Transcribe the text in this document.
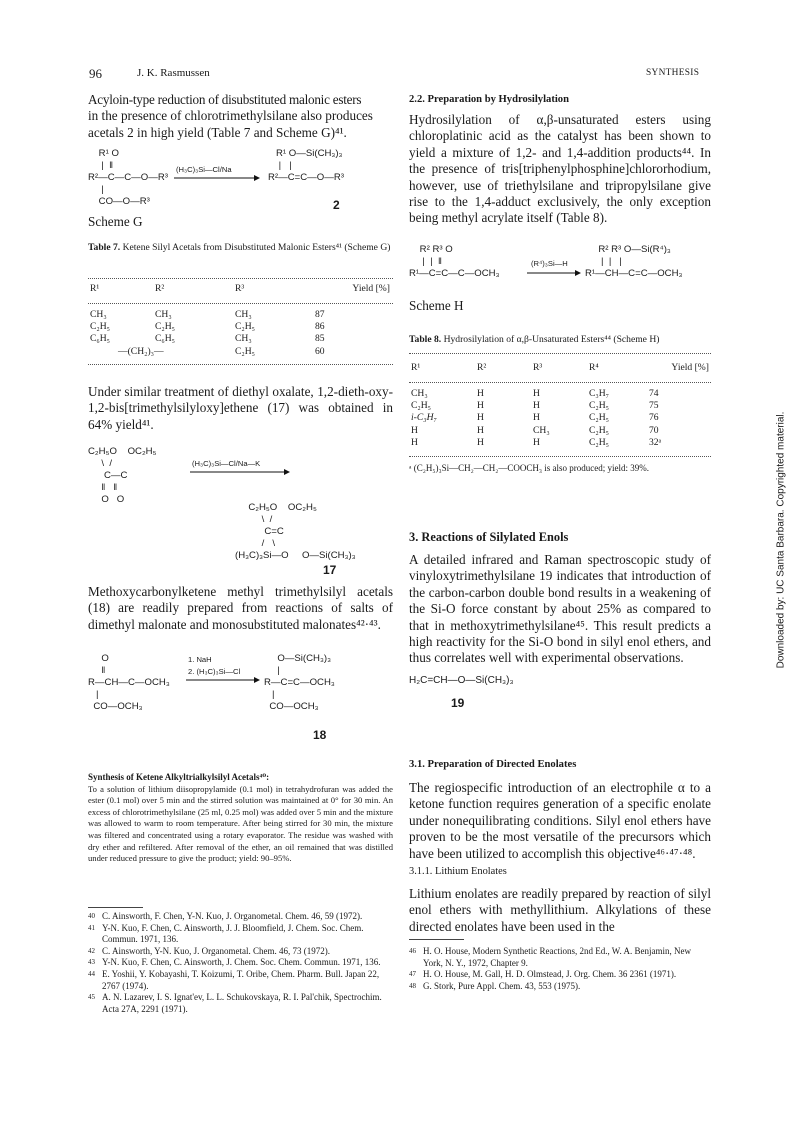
96	J. K. Rasmussen	SYNTHESIS

Acyloin-type reduction of disubstituted malonic esters

in the presence of chlorotrimethylsilane also produces

acetals 2 in high yield (Table 7 and Scheme G)⁴¹.

R¹ O
|  ‖
R²—C—C—O—R³
|
CO—O—R³
(H₃C)₃Si—Cl/Na
R¹ O—Si(CH₃)₃
|   |
R²—C=C—O—R³
2
Scheme G

Table 7. Ketene Silyl Acetals from Disubstituted Malonic Esters⁴¹ (Scheme G)

R¹	R²	R³	Yield [%]
CH₃	CH₃	CH₃	87	
C₂H₅	C₂H₅	C₂H₅	86	
C₆H₅	C₆H₅	CH₃	85	
—(CH₂)₃—		C₂H₅	60	

Under similar treatment of diethyl oxalate, 1,2-dieth-oxy-1,2-bis[trimethylsilyloxy]ethene (17) was obtained in 64% yield⁴¹.

C₂H₅O    OC₂H₅
\  /
C—C
‖   ‖
O   O
(H₃C)₃Si—Cl/Na—K
C₂H₅O    OC₂H₅
\  /
C=C
/   \
(H₃C)₃Si—O     O—Si(CH₃)₃
17

Methoxycarbonylketene methyl trimethylsilyl acetals (18) are readily prepared from reactions of salts of dimethyl malonate and monosubstituted malonates⁴²·⁴³.

O
‖
R—CH—C—OCH₃
|
CO—OCH₃
1. NaH
2. (H₃C)₃Si—Cl
O—Si(CH₃)₃
|
R—C=C—OCH₃
|
CO—OCH₃
18

Synthesis of Ketene Alkyltrialkylsilyl Acetals⁴⁰:

To a solution of lithium diisopropylamide (0.1 mol) in tetrahydrofuran was added the ester (0.1 mol) over 5 min and the stirred solution was maintained at 0° for 30 min. An excess of chlorotrimethylsilane (25 ml, 0.25 mol) was added over 5 min and the mixture was allowed to warm to room temperature. After being stirred for 30 min, the mixture was filtered and concentrated using a rotary evaporator. The residue was washed with dry ether and refiltered. After removal of the ether, an oil remained that was distilled under reduced pressure to give the product; yield: 90–95%.

40 C. Ainsworth, F. Chen, Y-N. Kuo, J. Organometal. Chem. 46, 59 (1972).
41 Y-N. Kuo, F. Chen, C. Ainsworth, J. J. Bloomfield, J. Chem. Soc. Chem. Commun. 1971, 136.
42 C. Ainsworth, Y-N. Kuo, J. Organometal. Chem. 46, 73 (1972).
43 Y-N. Kuo, F. Chen, C. Ainsworth, J. Chem. Soc. Chem. Commun. 1971, 136.
44 E. Yoshii, Y. Kobayashi, T. Koizumi, T. Oribe, Chem. Pharm. Bull. Japan 22, 2767 (1974).
45 A. N. Lazarev, I. S. Ignat'ev, L. L. Schukovskaya, R. I. Pal'chik, Spectrochim. Acta 27A, 2291 (1971).

2.2. Preparation by Hydrosilylation

Hydrosilylation of α,β-unsaturated esters using chloroplatinic acid as the catalyst has been shown to yield a mixture of 1,2- and 1,4-addition products⁴⁴. In the presence of tris[triphenylphosphine]chlororhodium, however, use of triethylsilane and tripropylsilane give rise to the 1,4-adduct exclusively, the only exception being methyl acrylate itself (Table 8).

R² R³ O
|  |  ‖
R¹—C=C—C—OCH₃
(R⁴)₃Si—H
R² R³ O—Si(R⁴)₃
|  |   |
R¹—CH—C=C—OCH₃
Scheme H

Table 8. Hydrosilylation of α,β-Unsaturated Esters⁴⁴ (Scheme H)

R¹	R²	R³	R⁴	Yield [%]
CH₃	H	H	C₃H₇	74
C₂H₅	H	H	C₂H₅	75
i-C₃H₇	H	H	C₂H₅	76
H	H	CH₃	C₂H₅	70
H	H	H	C₂H₅	32ᵃ

ᵃ (C₂H₅)₃Si—CH₂—CH₂—COOCH₃ is also produced; yield: 39%.

3. Reactions of Silylated Enols

A detailed infrared and Raman spectroscopic study of vinyloxytrimethylsilane 19 indicates that introduction of the carbon-carbon double bond results in a weakening of the Si-O force constant by about 25% as compared to that in methoxytrimethylsilane⁴⁵. This result predicts a high reactivity for the Si-O bond in silyl enol ethers, and thus correlates well with experimental observations.

H₂C=CH—O—Si(CH₃)₃
19

3.1. Preparation of Directed Enolates

The regiospecific introduction of an electrophile α to a ketone function requires generation of a specific enolate under nonequilibrating conditions. Silyl enol ethers have proven to be the most versatile of the precursors which have been utilized to accomplish this objective⁴⁶·⁴⁷·⁴⁸.

3.1.1. Lithium Enolates

Lithium enolates are readily prepared by reaction of silyl enol ethers with methyllithium. Alkylations of these directed enolates have been used in the

46 H. O. House, Modern Synthetic Reactions, 2nd Ed., W. A. Benjamin, New York, N. Y., 1972, Chapter 9.
47 H. O. House, M. Gall, H. D. Olmstead, J. Org. Chem. 36 2361 (1971).
48 G. Stork, Pure Appl. Chem. 43, 553 (1975).
Downloaded by: UC Santa Barbara. Copyrighted material.
